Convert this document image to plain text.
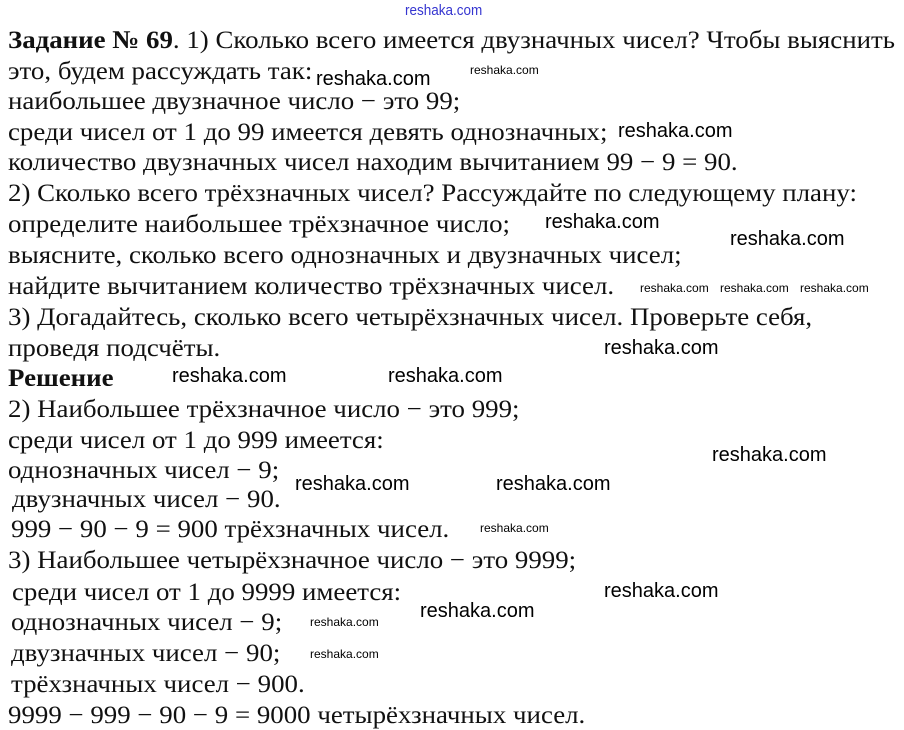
reshaka.com
Задание № 69. 1) Сколько всего имеется двузначных чисел? Чтобы выяснить
это, будем рассуждать так:
наибольшее двузначное число − это 99;
среди чисел от 1 до 99 имеется девять однозначных;
количество двузначных чисел находим вычитанием 99 − 9 = 90.
2) Сколько всего трёхзначных чисел? Рассуждайте по следующему плану:
определите наибольшее трёхзначное число;
выясните, сколько всего однозначных и двузначных чисел;
найдите вычитанием количество трёхзначных чисел.
3) Догадайтесь, сколько всего четырёхзначных чисел. Проверьте себя,
проведя подсчёты.
Решение
2) Наибольшее трёхзначное число − это 999;
среди чисел от 1 до 999 имеется:
однозначных чисел − 9;
двузначных чисел − 90.
999 − 90 − 9 = 900 трёхзначных чисел.
3) Наибольшее четырёхзначное число − это 9999;
среди чисел от 1 до 9999 имеется:
однозначных чисел − 9;
двузначных чисел − 90;
трёхзначных чисел − 900.
9999 − 999 − 90 − 9 = 9000 четырёхзначных чисел.
reshaka.com
reshaka.com
reshaka.com
reshaka.com
reshaka.com
reshaka.com	reshaka.com
reshaka.com
reshaka.com	reshaka.com
reshaka.com
reshaka.com
reshaka.com
reshaka.com reshaka.com reshaka.com
reshaka.com
reshaka.com
reshaka.com
